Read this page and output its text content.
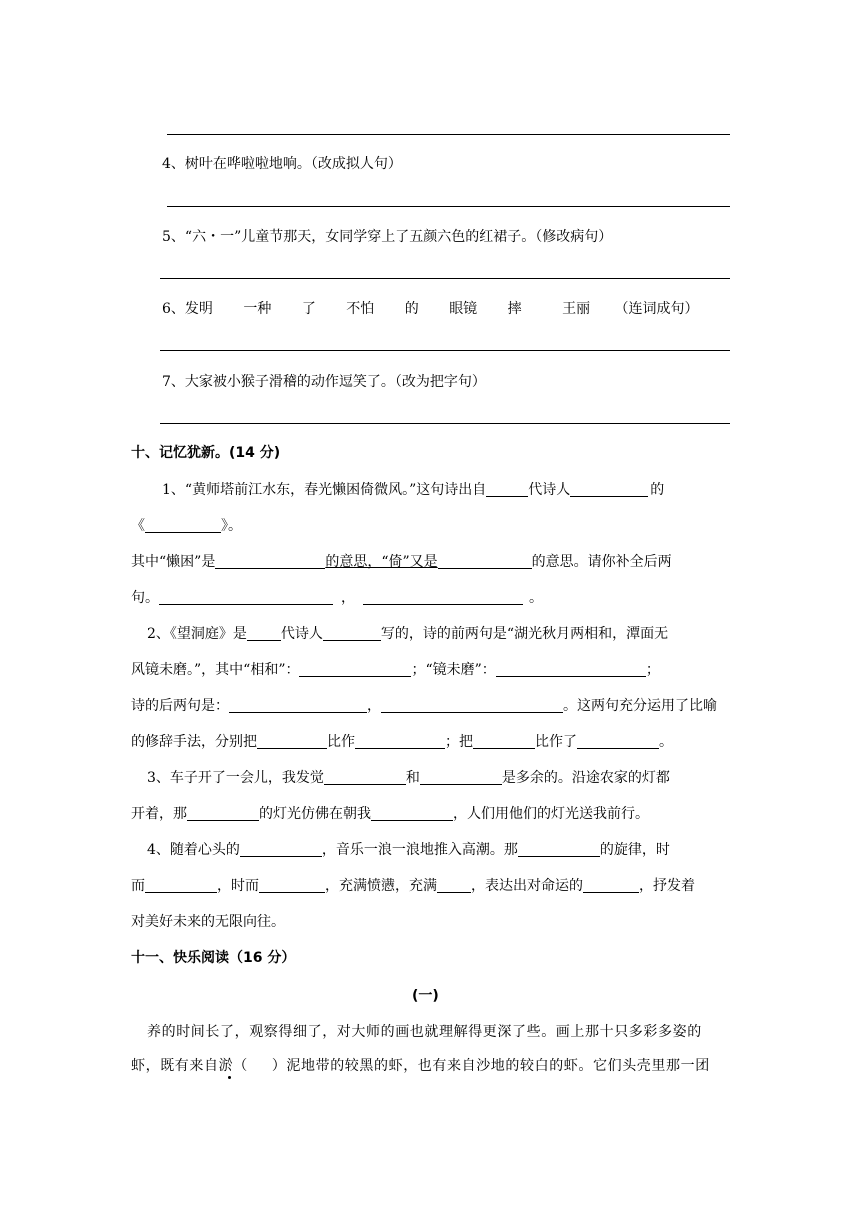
4、树叶在哗啦啦地响。（改成拟人句）
5、“六・一”儿童节那天，女同学穿上了五颜六色的红裙子。（修改病句）
6、发明 一种 了 不怕 的 眼镜 摔	王丽 （连词成句）
7、大家被小猴子滑稽的动作逗笑了。（改为把字句）
十、记忆犹新。(14 分)
1、“黄师塔前江水东，春光懒困倚微风。”这句诗出自	代诗人	的
《	》。
其中“懒困”是	的意思，“倚”又是	的意思。请你补全后两
句。	，	。
2、《望洞庭》是 代诗人	写的，诗的前两句是“湖光秋月两相和，潭面无
风镜未磨。”，其中“相和”：	；“镜未磨”：	；
诗的后两句是：	，	。这两句充分运用了比喻
的修辞手法，分别把	比作	；把	比作了	。
3、车子开了一会儿，我发觉	和	是多余的。沿途农家的灯都
开着，那	的灯光仿佛在朝我	，人们用他们的灯光送我前行。
4、随着心头的	，音乐一浪一浪地推入高潮。那	的旋律，时
而	，时而	，充满愤懑，充满 ，表达出对命运的	，抒发着
对美好未来的无限向往。
十一、快乐阅读（16 分）
(一)
养的时间长了，观察得细了，对大师的画也就理解得更深了些。画上那十只多彩多姿的
虾，既有来自淤（ ）泥地带的较黑的虾，也有来自沙地的较白的虾。它们头壳里那一团
